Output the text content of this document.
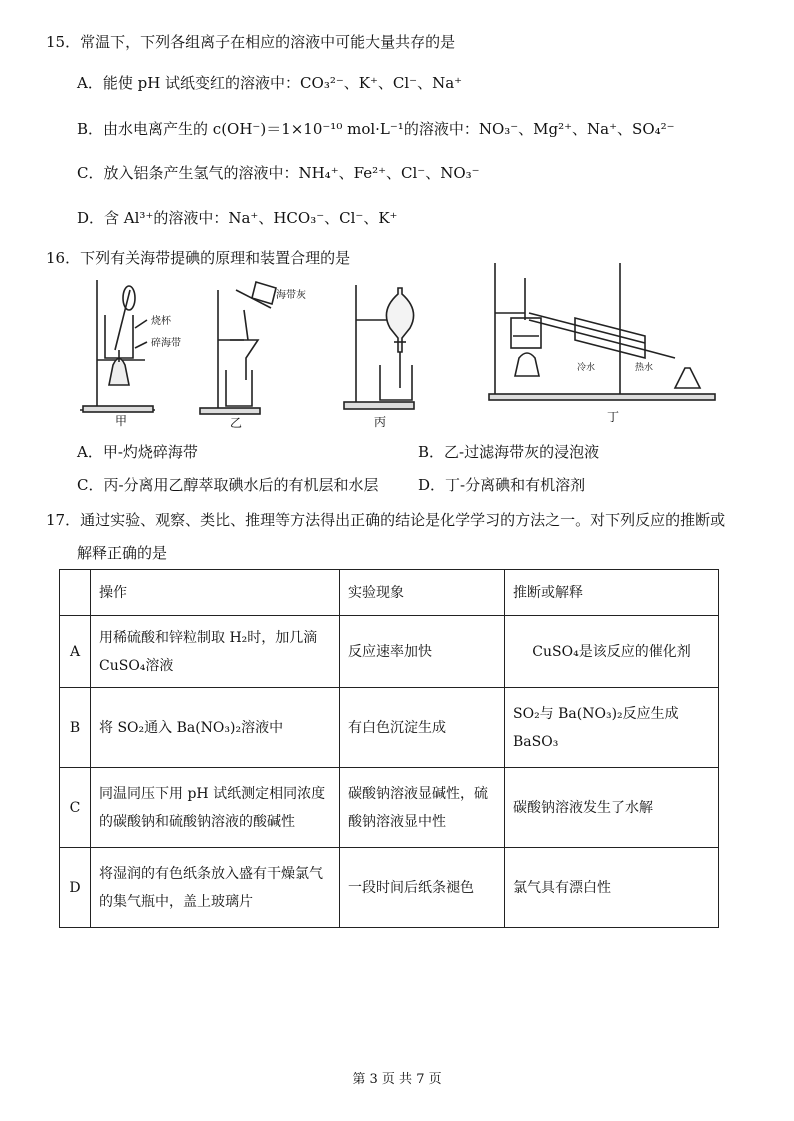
15．常温下，下列各组离子在相应的溶液中可能大量共存的是
A．能使 pH 试纸变红的溶液中：CO₃²⁻、K⁺、Cl⁻、Na⁺
B．由水电离产生的 c(OH⁻)＝1×10⁻¹⁰ mol·L⁻¹的溶液中：NO₃⁻、Mg²⁺、Na⁺、SO₄²⁻
C．放入铝条产生氢气的溶液中：NH₄⁺、Fe²⁺、Cl⁻、NO₃⁻
D．含 Al³⁺的溶液中：Na⁺、HCO₃⁻、Cl⁻、K⁺
16．下列有关海带提碘的原理和装置合理的是
烧杯
碎海带
甲
海带灰
乙	丙
冷水	热水
丁
A．甲-灼烧碎海带	B．乙-过滤海带灰的浸泡液
C．丙-分离用乙醇萃取碘水后的有机层和水层	D．丁-分离碘和有机溶剂
17．通过实验、观察、类比、推理等方法得出正确的结论是化学学习的方法之一。对下列反应的推断或
解释正确的是
	操作	实验现象	推断或解释
A	用稀硫酸和锌粒制取 H₂时，加几滴 CuSO₄溶液	反应速率加快	CuSO₄是该反应的催化剂
B	将 SO₂通入 Ba(NO₃)₂溶液中	有白色沉淀生成	SO₂与 Ba(NO₃)₂反应生成 BaSO₃
C	同温同压下用 pH 试纸测定相同浓度的碳酸钠和硫酸钠溶液的酸碱性	碳酸钠溶液显碱性，硫酸钠溶液显中性	碳酸钠溶液发生了水解
D	将湿润的有色纸条放入盛有干燥氯气的集气瓶中，盖上玻璃片	一段时间后纸条褪色	氯气具有漂白性
第 3 页 共 7 页
